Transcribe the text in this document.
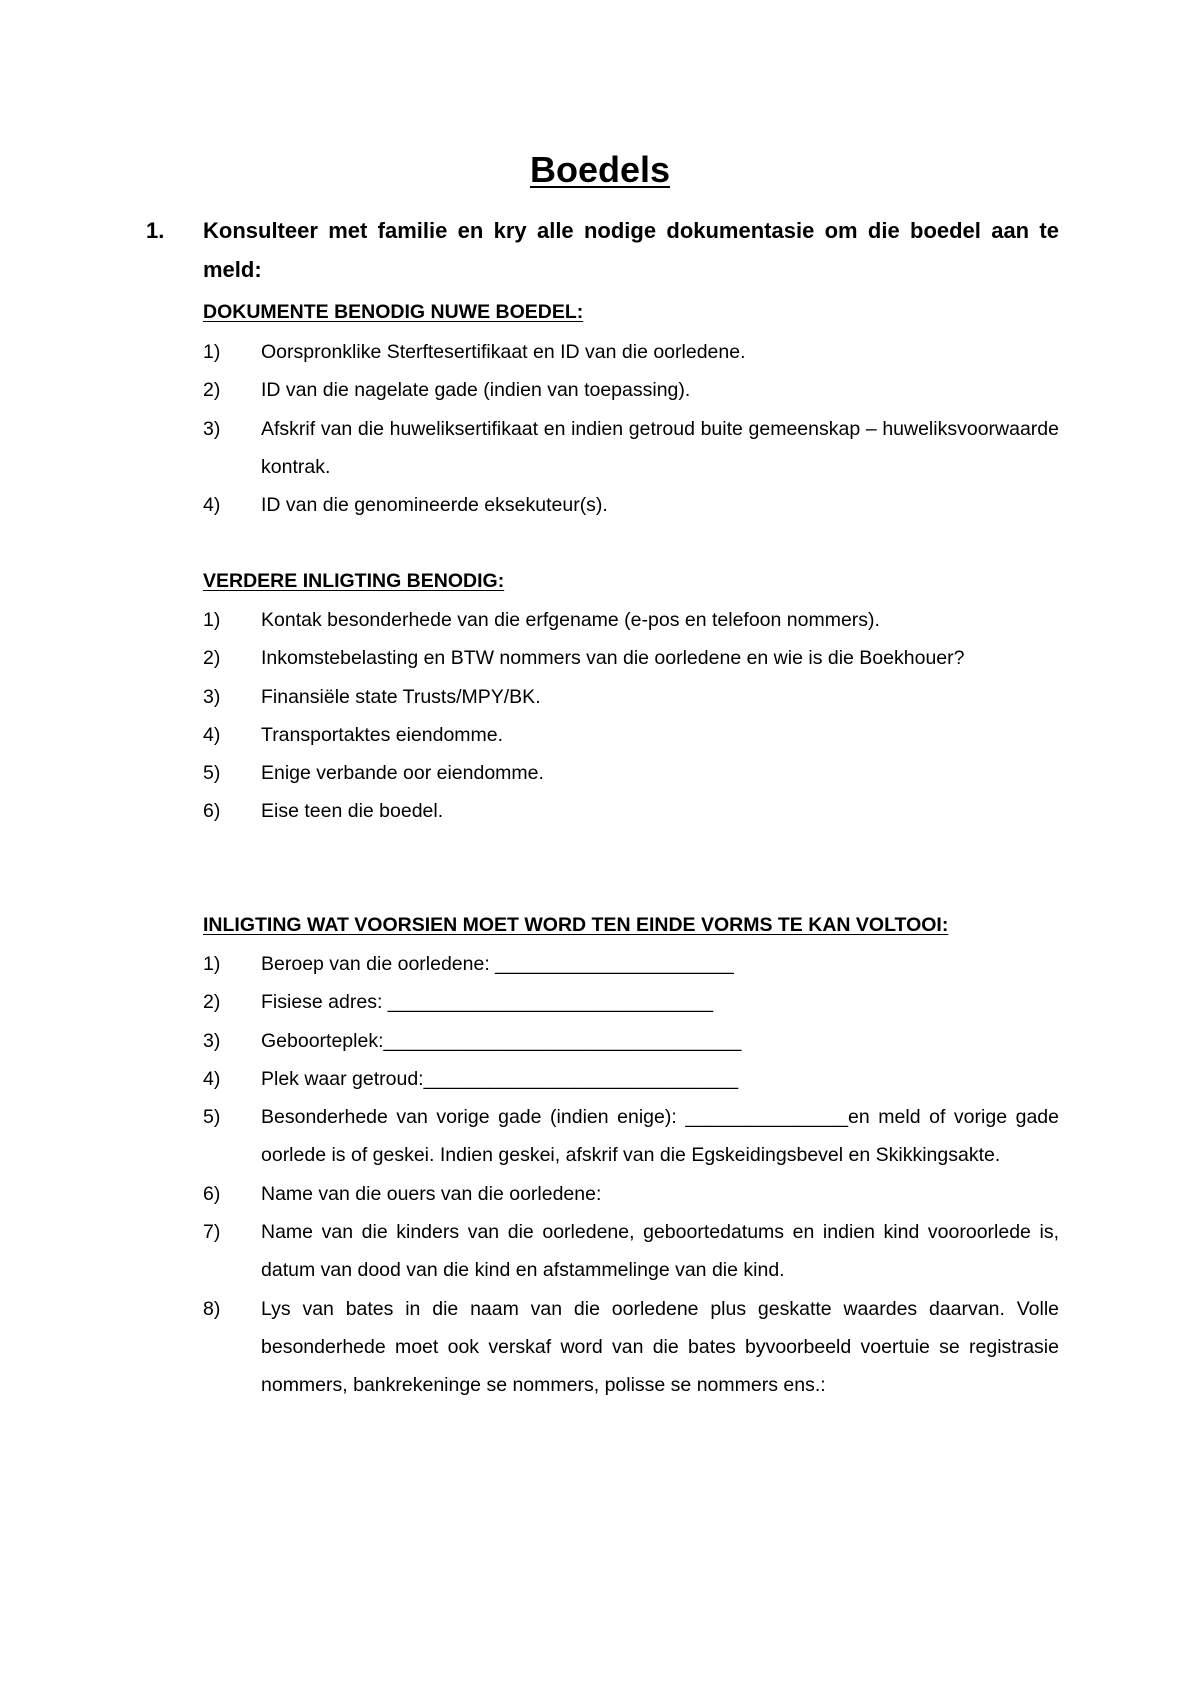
Boedels
1. Konsulteer met familie en kry alle nodige dokumentasie om die boedel aan te meld:
DOKUMENTE BENODIG NUWE BOEDEL:
1) Oorspronklike Sterftesertifikaat en ID van die oorledene.
2) ID van die nagelate gade (indien van toepassing).
3) Afskrif van die huweliksertifikaat en indien getroud buite gemeenskap – huweliksvoorwaarde kontrak.
4) ID van die genomineerde eksekuteur(s).
VERDERE INLIGTING BENODIG:
1) Kontak besonderhede van die erfgename (e-pos en telefoon nommers).
2) Inkomstebelasting en BTW nommers van die oorledene en wie is die Boekhouer?
3) Finansiële state Trusts/MPY/BK.
4) Transportaktes eiendomme.
5) Enige verbande oor eiendomme.
6) Eise teen die boedel.
INLIGTING WAT VOORSIEN MOET WORD TEN EINDE VORMS TE KAN VOLTOOI:
1) Beroep van die oorledene: ______________________
2) Fisiese adres: ______________________________
3) Geboorteplek:_________________________________
4) Plek waar getroud:_____________________________
5) Besonderhede van vorige gade (indien enige): _______________en meld of vorige gade oorlede is of geskei. Indien geskei, afskrif van die Egskeidingsbevel en Skikkingsakte.
6) Name van die ouers van die oorledene:
7) Name van die kinders van die oorledene, geboortedatums en indien kind vooroorlede is, datum van dood van die kind en afstammelinge van die kind.
8) Lys van bates in die naam van die oorledene plus geskatte waardes daarvan. Volle besonderhede moet ook verskaf word van die bates byvoorbeeld voertuie se registrasie nommers, bankrekeninge se nommers, polisse se nommers ens.:
